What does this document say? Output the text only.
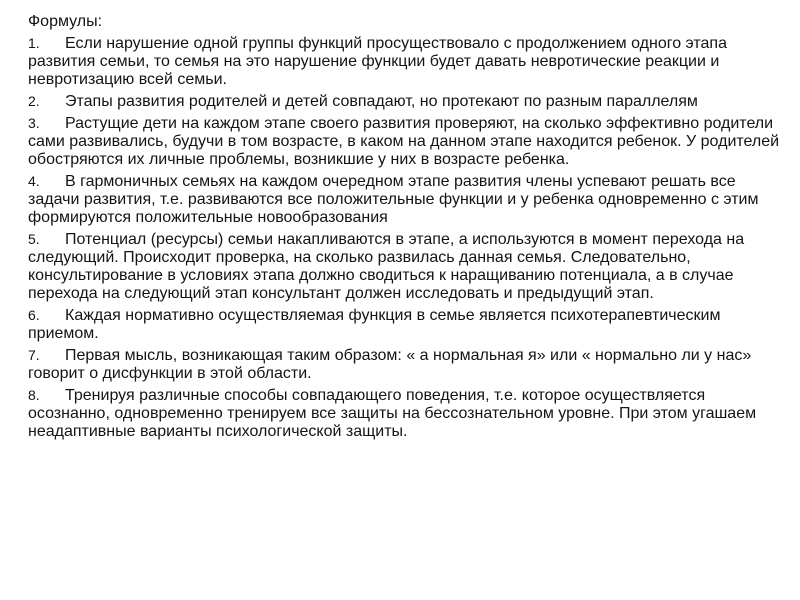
Формулы:

1. Если нарушение одной группы функций просуществовало с продолжением одного этапа развития семьи, то семья на это нарушение функции будет давать невротические реакции и невротизацию всей семьи.

2. Этапы развития родителей и детей совпадают, но протекают по разным параллелям

3. Растущие дети на каждом этапе своего развития проверяют, на сколько эффективно родители сами развивались, будучи в том возрасте, в каком на данном этапе находится ребенок. У родителей обостряются их личные проблемы, возникшие у них в возрасте ребенка.

4. В гармоничных семьях на каждом очередном этапе развития члены успевают решать все задачи развития, т.е. развиваются все положительные функции и у ребенка одновременно с этим формируются положительные новообразования

5. Потенциал (ресурсы) семьи накапливаются в этапе, а используются в момент перехода на следующий. Происходит проверка, на сколько развилась данная семья. Следовательно, консультирование в условиях этапа должно сводиться к наращиванию потенциала, а в случае перехода на следующий этап консультант должен исследовать и предыдущий этап.

6. Каждая нормативно осуществляемая функция в семье является психотерапевтическим приемом.

7. Первая мысль, возникающая таким образом: « а нормальная я» или « нормально ли у нас» говорит о дисфункции в этой области.

8. Тренируя различные способы совпадающего поведения, т.е. которое осуществляется осознанно, одновременно тренируем все защиты на бессознательном уровне. При этом угашаем неадаптивные варианты психологической защиты.
